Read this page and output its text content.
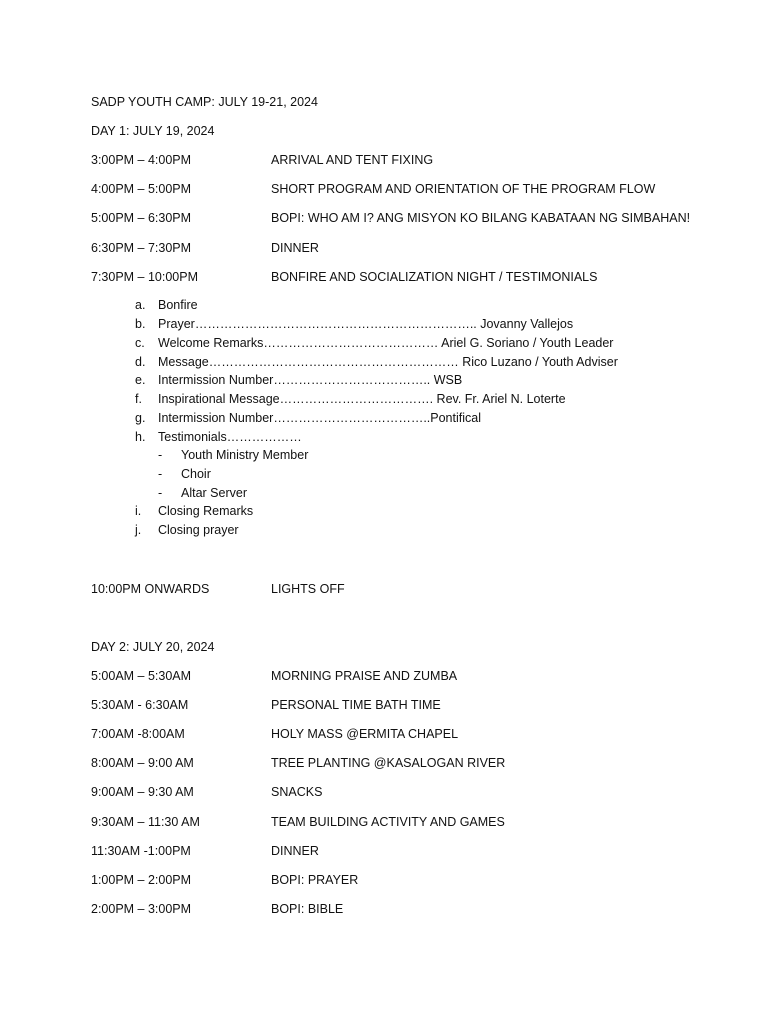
SADP YOUTH CAMP: JULY 19-21, 2024
DAY 1: JULY 19, 2024
3:00PM – 4:00PM	ARRIVAL AND TENT FIXING
4:00PM – 5:00PM	SHORT PROGRAM AND ORIENTATION OF THE PROGRAM FLOW
5:00PM – 6:30PM	BOPI: WHO AM I? ANG MISYON KO BILANG KABATAAN NG SIMBAHAN!
6:30PM – 7:30PM	DINNER
7:30PM – 10:00PM	BONFIRE AND SOCIALIZATION NIGHT / TESTIMONIALS
a.	Bonfire
b.	Prayer………………………………………………………….. Jovanny Vallejos
c.	Welcome Remarks…………………………………… Ariel G. Soriano / Youth Leader
d.	Message…………………………………………………… Rico Luzano / Youth Adviser
e.	Intermission Number……………………………….. WSB
f.	Inspirational Message………………………………. Rev. Fr. Ariel N. Loterte
g.	Intermission Number………………………………..Pontifical
h.	Testimonials………………
- Youth Ministry Member
- Choir
- Altar Server
i.	Closing Remarks
j.	Closing prayer
10:00PM ONWARDS	LIGHTS OFF
DAY 2: JULY 20, 2024
5:00AM – 5:30AM	MORNING PRAISE AND ZUMBA
5:30AM - 6:30AM	PERSONAL TIME BATH TIME
7:00AM -8:00AM	HOLY MASS @ERMITA CHAPEL
8:00AM – 9:00 AM	TREE PLANTING @KASALOGAN RIVER
9:00AM – 9:30 AM	SNACKS
9:30AM – 11:30 AM	TEAM BUILDING ACTIVITY AND GAMES
11:30AM -1:00PM	DINNER
1:00PM – 2:00PM	BOPI: PRAYER
2:00PM – 3:00PM	BOPI: BIBLE
